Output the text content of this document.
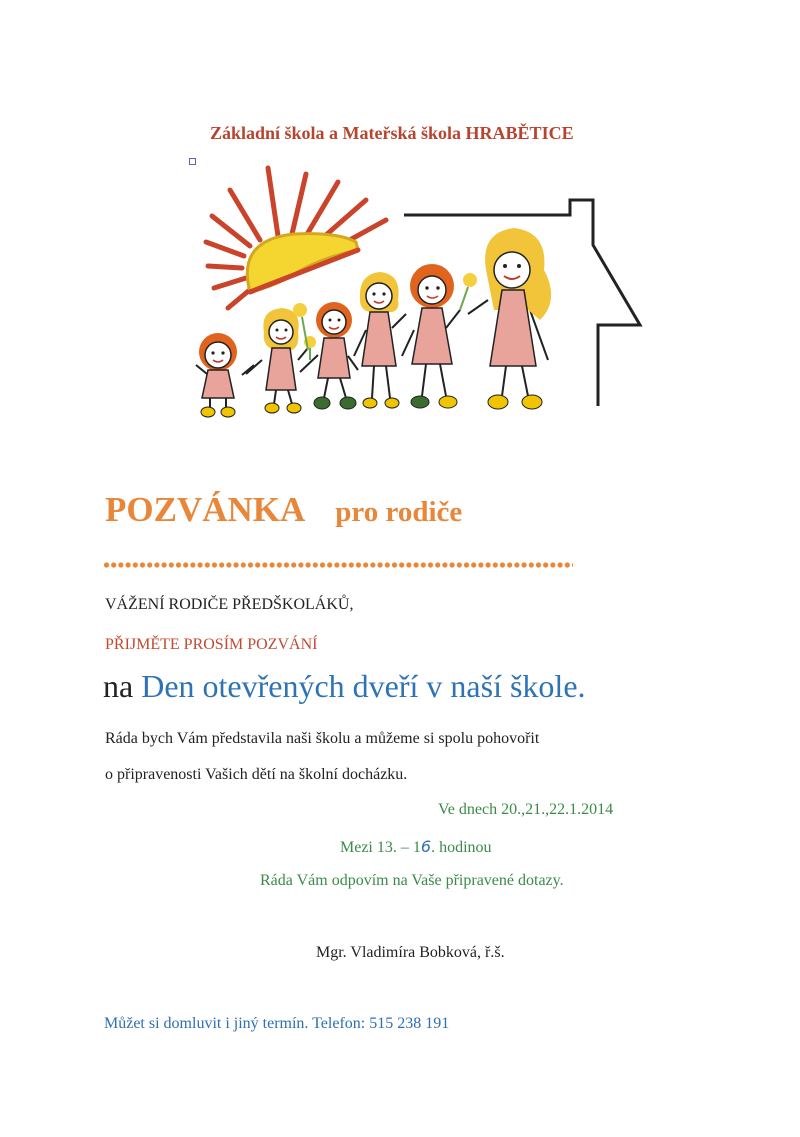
Základní škola a Mateřská škola HRABĚTICE
POZVÁNKA pro rodiče
VÁŽENÍ RODIČE PŘEDŠKOLÁKŮ,
PŘIJMĚTE PROSÍM POZVÁNÍ
na Den otevřených dveří v naší škole.
Ráda bych Vám představila naši školu a můžeme si spolu pohovořit
o připravenosti Vašich dětí na školní docházku.
Ve dnech 20.,21.,22.1.2014
Mezi 13. – 16. hodinou
Ráda Vám odpovím na Vaše připravené dotazy.
Mgr. Vladimíra Bobková, ř.š.
Můžet si domluvit i jiný termín. Telefon: 515 238 191
